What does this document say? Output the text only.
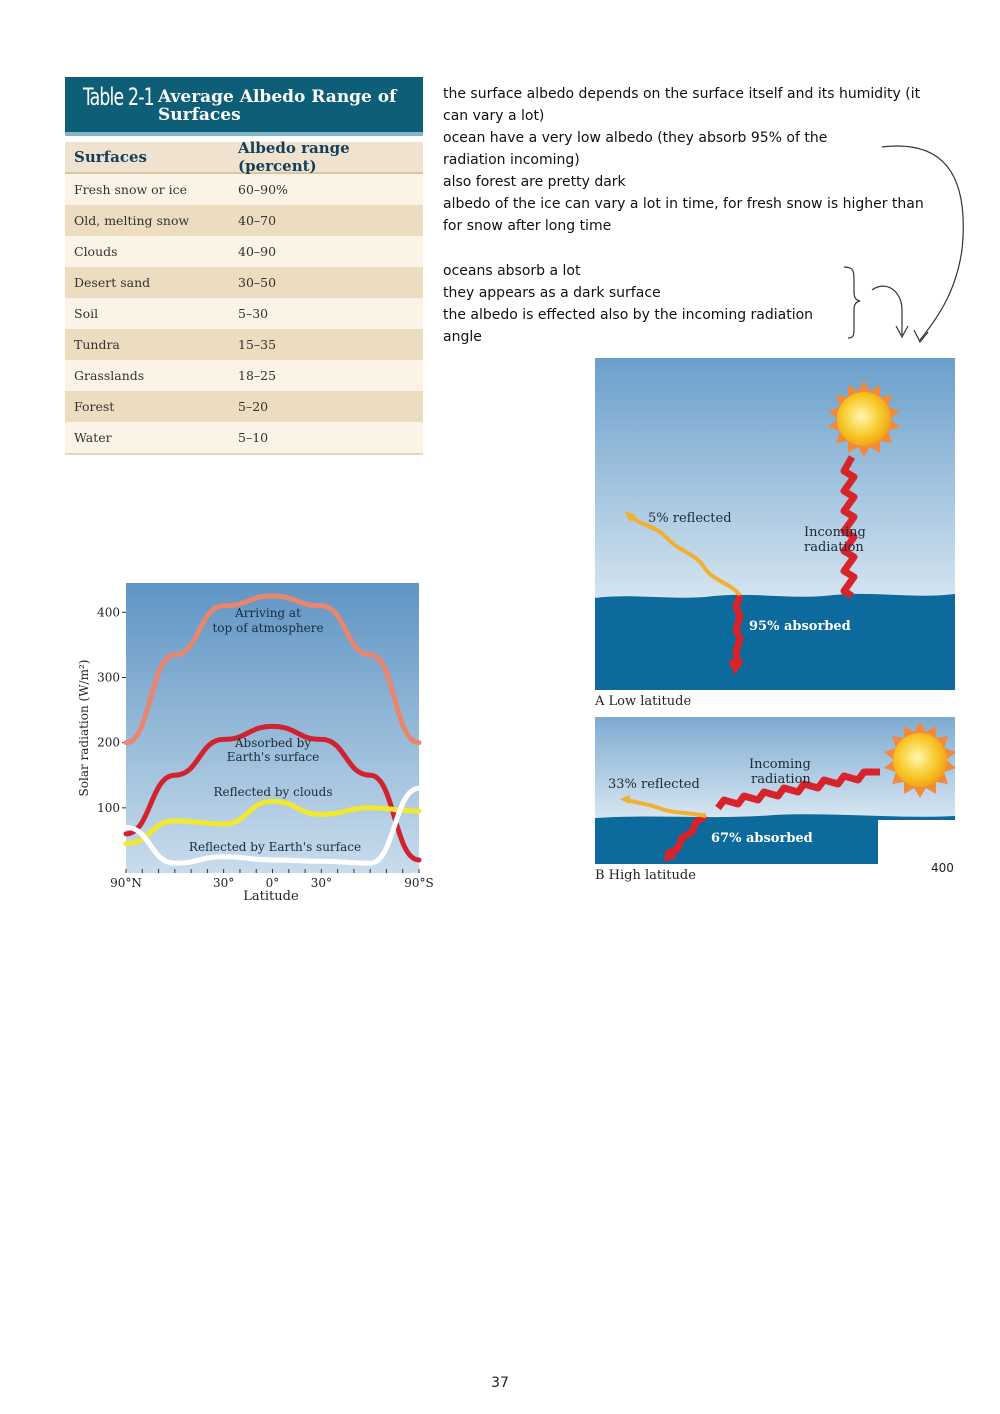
Table 2-1 Average Albedo Range of Surfaces
Surfaces	Albedo range (percent)
Fresh snow or ice	60–90%
Old, melting snow	40–70
Clouds	40–90
Desert sand	30–50
Soil	5–30
Tundra	15–35
Grasslands	18–25
Forest	5–20
Water	5–10
the surface albedo depends on the surface itself and its humidity (it can vary a lot)
ocean have a very low albedo (they absorb 95% of the radiation incoming)
also forest are pretty dark
albedo of the ice can vary a lot in time, for fresh snow is higher than for snow after long time
oceans absorb a lot
they appears as a dark surface
the albedo is effected also by the incoming radiation angle
100
200
300
400
90°N	30°	0°	30°	90°S
Arriving at
top of atmosphere
Absorbed by
Earth's surface
Reflected by clouds
Reflected by Earth's surface
Latitude
Solar radiation (W/m²)
5% reflected
Incoming
radiation
95% absorbed
A Low latitude
33% reflected
Incoming
radiation
67% absorbed
B High latitude	400
37
